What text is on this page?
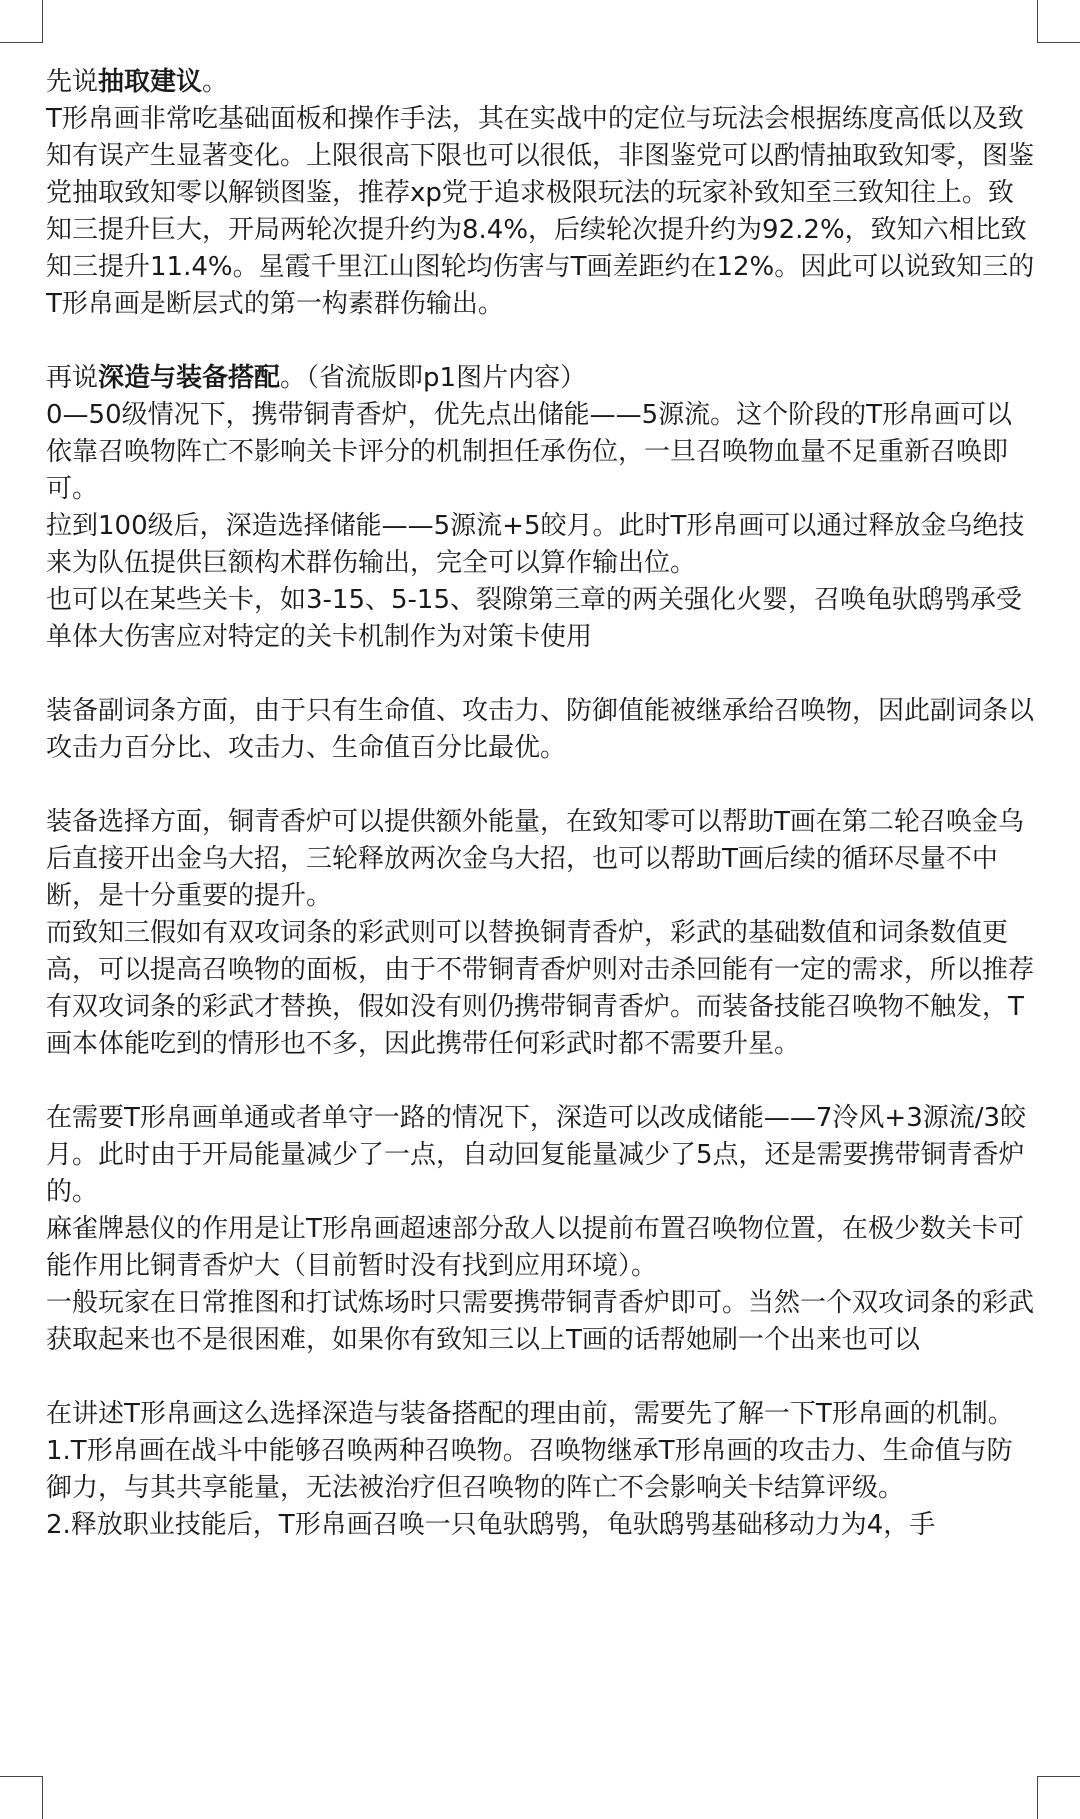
先说抽取建议。

T形帛画非常吃基础面板和操作手法，其在实战中的定位与玩法会根据练度高低以及致知有误产生显著变化。上限很高下限也可以很低，非图鉴党可以酌情抽取致知零，图鉴党抽取致知零以解锁图鉴，推荐xp党于追求极限玩法的玩家补致知至三致知往上。致知三提升巨大，开局两轮次提升约为8.4%，后续轮次提升约为92.2%，致知六相比致知三提升11.4%。星霞千里江山图轮均伤害与T画差距约在12%。因此可以说致知三的T形帛画是断层式的第一构素群伤输出。

再说深造与装备搭配。（省流版即p1图片内容）

0—50级情况下，携带铜青香炉，优先点出储能——5源流。这个阶段的T形帛画可以依靠召唤物阵亡不影响关卡评分的机制担任承伤位，一旦召唤物血量不足重新召唤即可。

拉到100级后，深造选择储能——5源流+5皎月。此时T形帛画可以通过释放金乌绝技来为队伍提供巨额构术群伤输出，完全可以算作输出位。

也可以在某些关卡，如3-15、5-15、裂隙第三章的两关强化火婴，召唤龟驮鸱鸮承受单体大伤害应对特定的关卡机制作为对策卡使用

装备副词条方面，由于只有生命值、攻击力、防御值能被继承给召唤物，因此副词条以攻击力百分比、攻击力、生命值百分比最优。

装备选择方面，铜青香炉可以提供额外能量，在致知零可以帮助T画在第二轮召唤金乌后直接开出金乌大招，三轮释放两次金乌大招，也可以帮助T画后续的循环尽量不中断，是十分重要的提升。

而致知三假如有双攻词条的彩武则可以替换铜青香炉，彩武的基础数值和词条数值更高，可以提高召唤物的面板，由于不带铜青香炉则对击杀回能有一定的需求，所以推荐有双攻词条的彩武才替换，假如没有则仍携带铜青香炉。而装备技能召唤物不触发，T画本体能吃到的情形也不多，因此携带任何彩武时都不需要升星。

在需要T形帛画单通或者单守一路的情况下，深造可以改成储能——7泠风+3源流/3皎月。此时由于开局能量减少了一点，自动回复能量减少了5点，还是需要携带铜青香炉的。

麻雀牌悬仪的作用是让T形帛画超速部分敌人以提前布置召唤物位置，在极少数关卡可能作用比铜青香炉大（目前暂时没有找到应用环境）。

一般玩家在日常推图和打试炼场时只需要携带铜青香炉即可。当然一个双攻词条的彩武获取起来也不是很困难，如果你有致知三以上T画的话帮她刷一个出来也可以

在讲述T形帛画这么选择深造与装备搭配的理由前，需要先了解一下T形帛画的机制。

1.T形帛画在战斗中能够召唤两种召唤物。召唤物继承T形帛画的攻击力、生命值与防御力，与其共享能量，无法被治疗但召唤物的阵亡不会影响关卡结算评级。

2.释放职业技能后，T形帛画召唤一只龟驮鸱鸮，龟驮鸱鸮基础移动力为4，手
